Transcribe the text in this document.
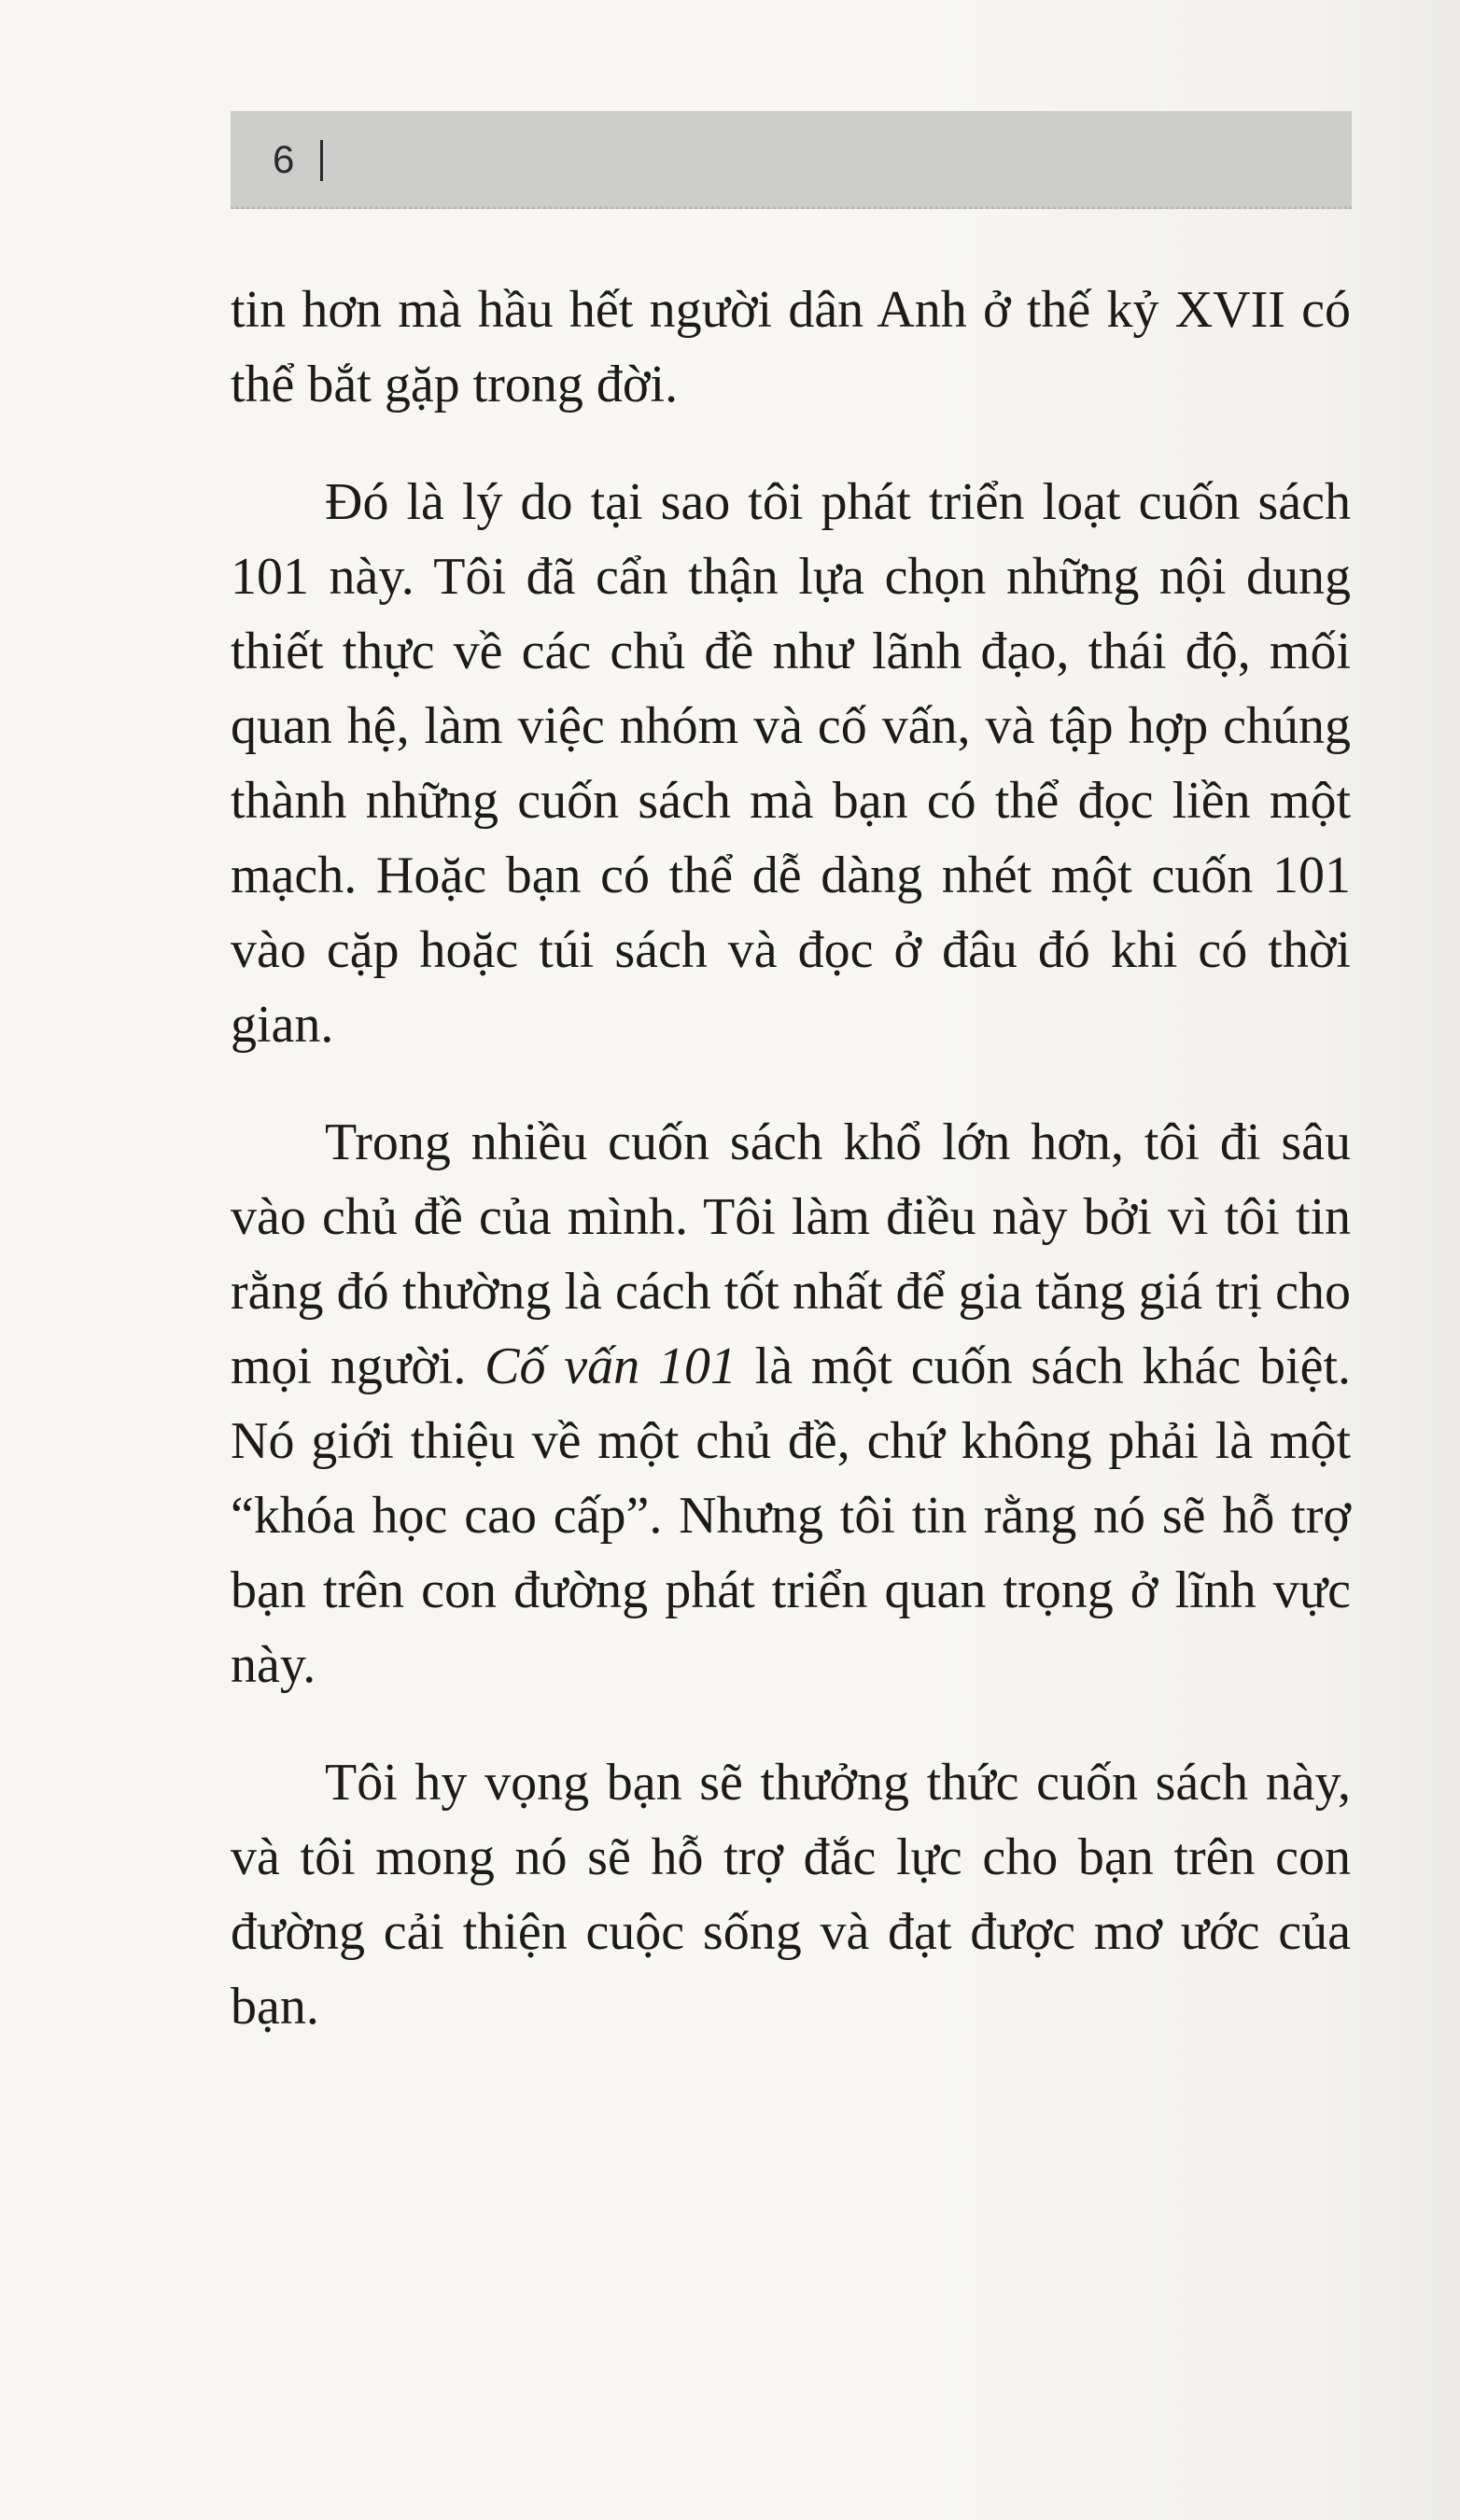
6

tin hơn mà hầu hết người dân Anh ở thế kỷ XVII có thể bắt gặp trong đời.

Đó là lý do tại sao tôi phát triển loạt cuốn sách 101 này. Tôi đã cẩn thận lựa chọn những nội dung thiết thực về các chủ đề như lãnh đạo, thái độ, mối quan hệ, làm việc nhóm và cố vấn, và tập hợp chúng thành những cuốn sách mà bạn có thể đọc liền một mạch. Hoặc bạn có thể dễ dàng nhét một cuốn 101 vào cặp hoặc túi sách và đọc ở đâu đó khi có thời gian.

Trong nhiều cuốn sách khổ lớn hơn, tôi đi sâu vào chủ đề của mình. Tôi làm điều này bởi vì tôi tin rằng đó thường là cách tốt nhất để gia tăng giá trị cho mọi người. Cố vấn 101 là một cuốn sách khác biệt. Nó giới thiệu về một chủ đề, chứ không phải là một “khóa học cao cấp”. Nhưng tôi tin rằng nó sẽ hỗ trợ bạn trên con đường phát triển quan trọng ở lĩnh vực này.

Tôi hy vọng bạn sẽ thưởng thức cuốn sách này, và tôi mong nó sẽ hỗ trợ đắc lực cho bạn trên con đường cải thiện cuộc sống và đạt được mơ ước của bạn.
